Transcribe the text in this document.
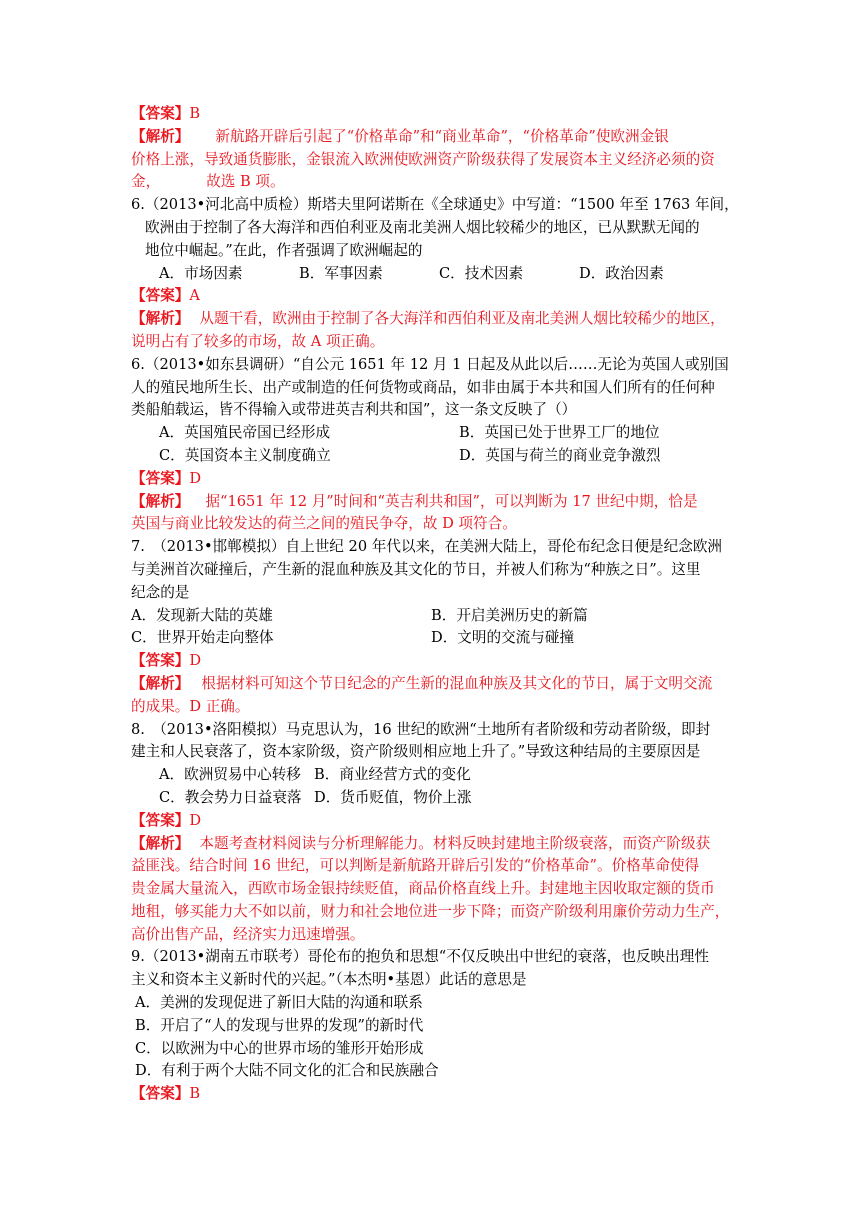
【答案】B
【解析】 新航路开辟后引起了“价格革命”和“商业革命”，“价格革命”使欧洲金银
价格上涨，导致通货膨胀，金银流入欧洲使欧洲资产阶级获得了发展资本主义经济必须的资
金，	故选 B 项。
6.（2013•河北高中质检）斯塔夫里阿诺斯在《全球通史》中写道：“1500 年至 1763 年间，
欧洲由于控制了各大海洋和西伯利亚及南北美洲人烟比较稀少的地区，已从默默无闻的
地位中崛起。”在此，作者强调了欧洲崛起的
A．市场因素	B．军事因素	C．技术因素	D．政治因素
【答案】A
【解析】 从题干看，欧洲由于控制了各大海洋和西伯利亚及南北美洲人烟比较稀少的地区，
说明占有了较多的市场，故 A 项正确。
6.（2013•如东县调研）“自公元 1651 年 12 月 1 日起及从此以后……无论为英国人或别国
人的殖民地所生长、出产或制造的任何货物或商品，如非由属于本共和国人们所有的任何种
类船舶载运，皆不得输入或带进英吉利共和国”，这一条文反映了（）
A．英国殖民帝国已经形成	B．英国已处于世界工厂的地位
C．英国资本主义制度确立	D．英国与荷兰的商业竞争激烈
【答案】D
【解析】 据“1651 年 12 月”时间和“英吉利共和国”，可以判断为 17 世纪中期，恰是
英国与商业比较发达的荷兰之间的殖民争夺，故 D 项符合。
7.　（2013•邯郸模拟）自上世纪 20 年代以来，在美洲大陆上，哥伦布纪念日便是纪念欧洲
与美洲首次碰撞后，产生新的混血种族及其文化的节日，并被人们称为“种族之日”。这里
纪念的是
A．发现新大陆的英雄	B．开启美洲历史的新篇
C．世界开始走向整体	D．文明的交流与碰撞
【答案】D
【解析】 根据材料可知这个节日纪念的产生新的混血种族及其文化的节日，属于文明交流
的成果。D 正确。
8.　（2013•洛阳模拟）马克思认为，16 世纪的欧洲“土地所有者阶级和劳动者阶级，即封
建主和人民衰落了，资本家阶级，资产阶级则相应地上升了。”导致这种结局的主要原因是
A．欧洲贸易中心转移 B．商业经营方式的变化
C．教会势力日益衰落 D．货币贬值，物价上涨
【答案】D
【解析】 本题考查材料阅读与分析理解能力。材料反映封建地主阶级衰落，而资产阶级获
益匪浅。结合时间 16 世纪，可以判断是新航路开辟后引发的“价格革命”。价格革命使得
贵金属大量流入，西欧市场金银持续贬值，商品价格直线上升。封建地主因收取定额的货币
地租，够买能力大不如以前，财力和社会地位进一步下降；而资产阶级利用廉价劳动力生产，
高价出售产品，经济实力迅速增强。
9.（2013•湖南五市联考）哥伦布的抱负和思想“不仅反映出中世纪的衰落，也反映出理性
主义和资本主义新时代的兴起。”（本杰明•基恩）此话的意思是
A．美洲的发现促进了新旧大陆的沟通和联系
B．开启了“人的发现与世界的发现”的新时代
C．以欧洲为中心的世界市场的雏形开始形成
D．有利于两个大陆不同文化的汇合和民族融合
【答案】B
